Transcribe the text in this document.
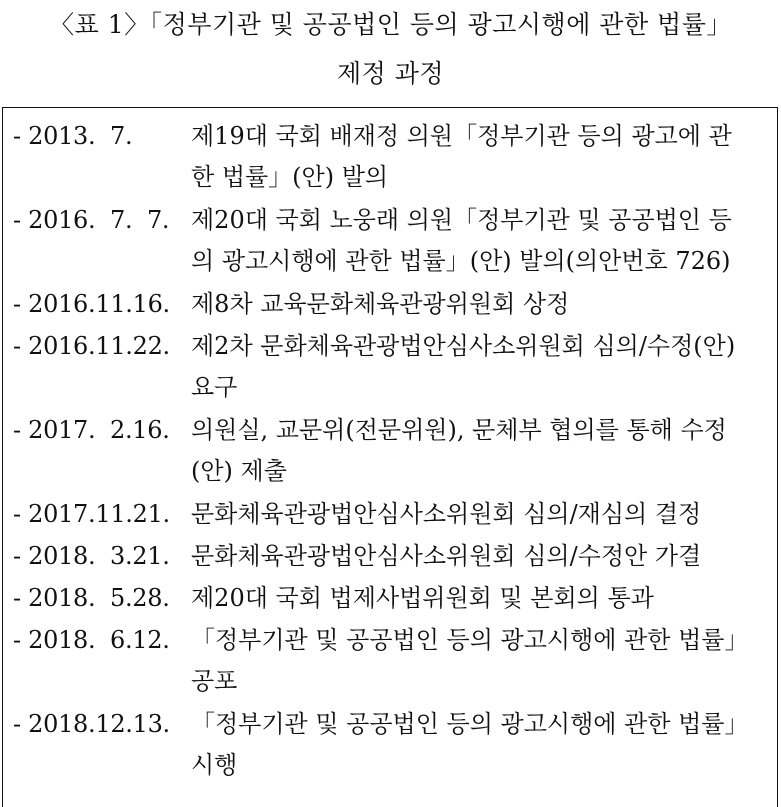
〈표 1〉「정부기관 및 공공법인 등의 광고시행에 관한 법률」
제정 과정
- 2013.  7. 제19대 국회 배재정 의원「정부기관 등의 광고에 관
한 법률」(안) 발의
- 2016.  7.  7. 제20대 국회 노웅래 의원「정부기관 및 공공법인 등
의 광고시행에 관한 법률」(안) 발의(의안번호 726)
- 2016.11.16. 제8차 교육문화체육관광위원회 상정
- 2016.11.22. 제2차 문화체육관광법안심사소위원회 심의/수정(안)
요구
- 2017.  2.16. 의원실, 교문위(전문위원), 문체부 협의를 통해 수정
(안) 제출
- 2017.11.21. 문화체육관광법안심사소위원회 심의/재심의 결정
- 2018.  3.21. 문화체육관광법안심사소위원회 심의/수정안 가결
- 2018.  5.28. 제20대 국회 법제사법위원회 및 본회의 통과
- 2018.  6.12. 「정부기관 및 공공법인 등의 광고시행에 관한 법률」
공포
- 2018.12.13. 「정부기관 및 공공법인 등의 광고시행에 관한 법률」
시행
